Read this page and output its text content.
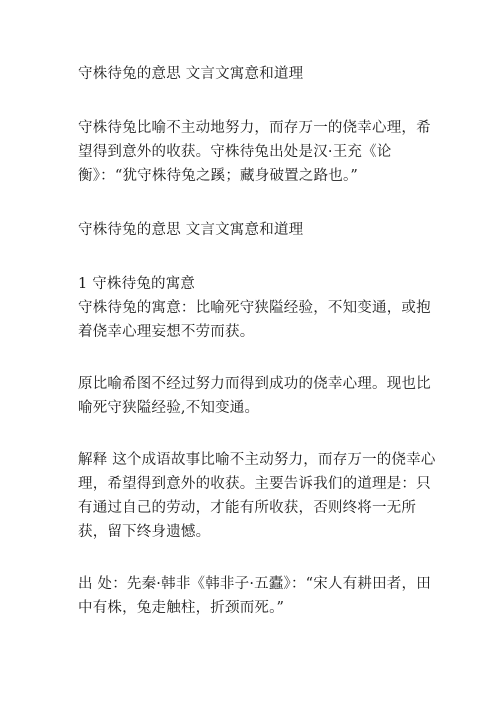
守株待兔的意思 文言文寓意和道理

守株待兔比喻不主动地努力，而存万一的侥幸心理，希望得到意外的收获。守株待兔出处是汉·王充《论衡》：“犹守株待兔之蹊；藏身破置之路也。”

守株待兔的意思 文言文寓意和道理

1 守株待兔的寓意

守株待兔的寓意：比喻死守狭隘经验，不知变通，或抱着侥幸心理妄想不劳而获。

原比喻希图不经过努力而得到成功的侥幸心理。现也比喻死守狭隘经验,不知变通。

解释 这个成语故事比喻不主动努力，而存万一的侥幸心理，希望得到意外的收获。主要告诉我们的道理是：只有通过自己的劳动，才能有所收获，否则终将一无所获，留下终身遗憾。

出 处：先秦·韩非《韩非子·五蠹》：“宋人有耕田者，田中有株，兔走触柱，折颈而死。”
